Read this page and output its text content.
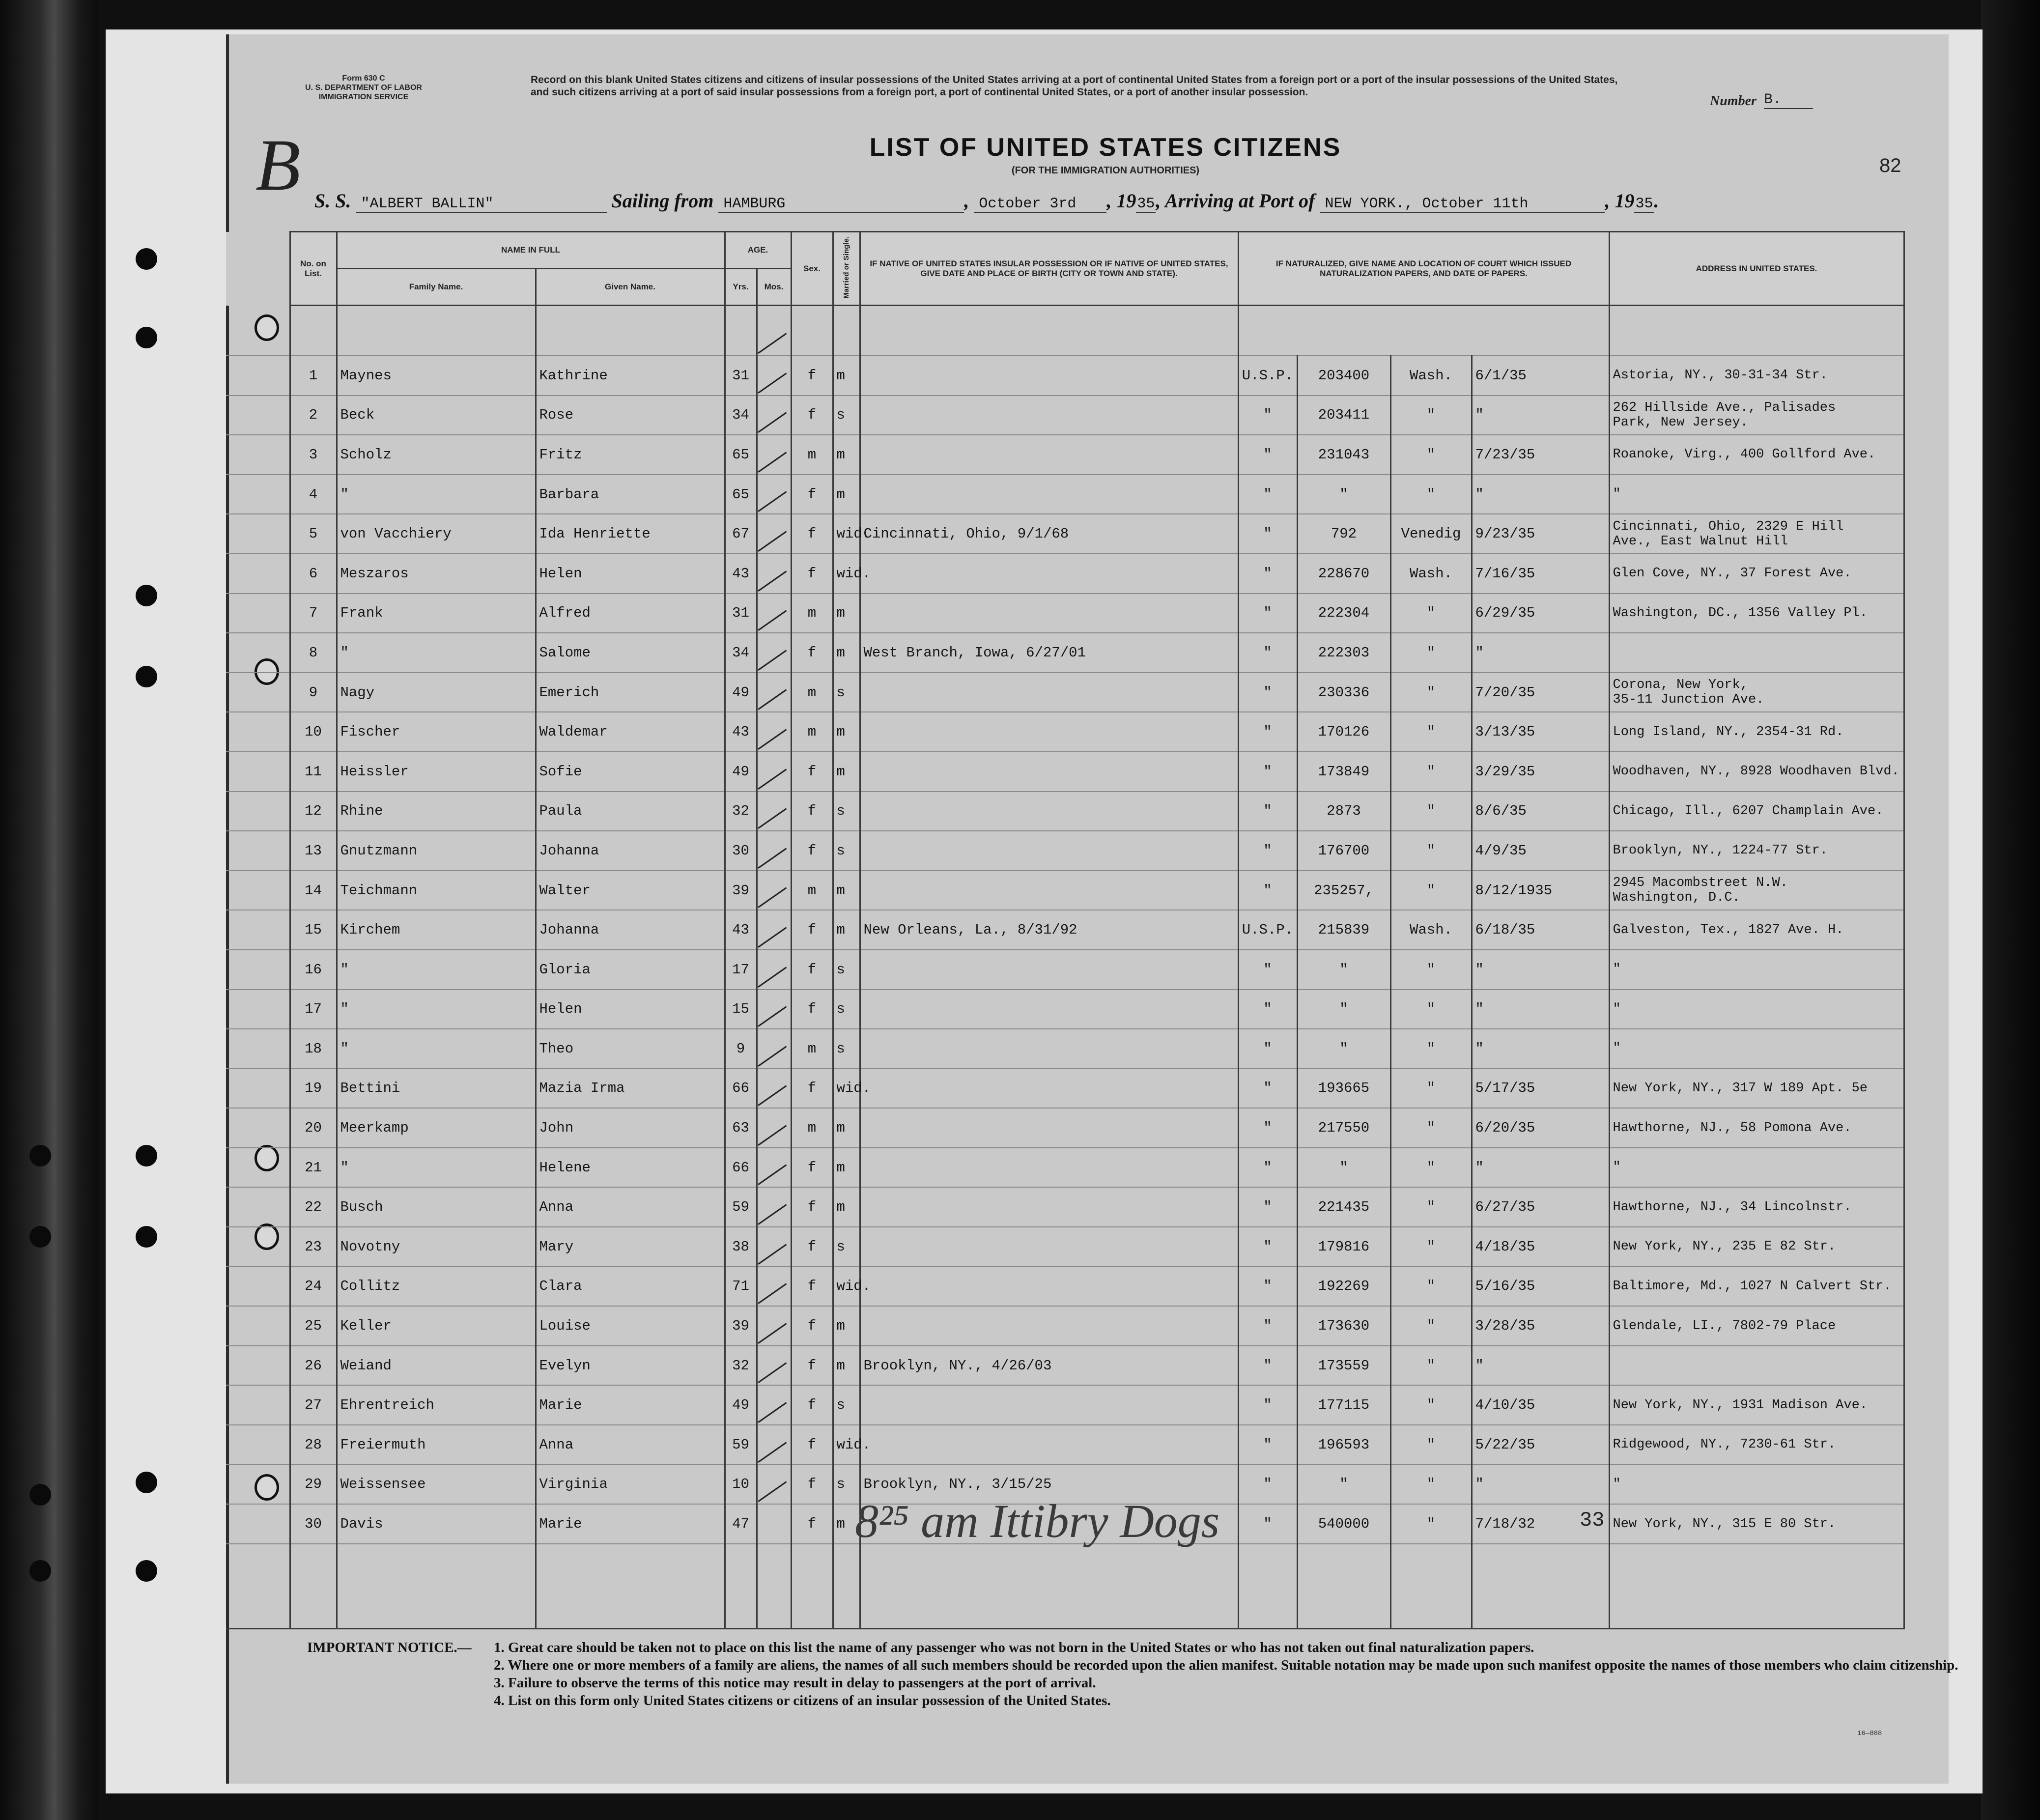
Form 630 C
U. S. DEPARTMENT OF LABOR
IMMIGRATION SERVICE
Record on this blank United States citizens and citizens of insular possessions of the United States arriving at a port of continental United States from a foreign port or a port of the insular possessions of the United States, and such citizens arriving at a port of said insular possessions from a foreign port, a port of continental United States, or a port of another insular possession.
Number B.
B	LIST OF UNITED STATES CITIZENS
(FOR THE IMMIGRATION AUTHORITIES)	82
S. S. "ALBERT BALLIN"	Sailing from HAMBURG	, October 3rd , 1935, Arriving at Port of NEW YORK., October 11th	, 1935.
	No. on List.	NAME IN FULL		AGE.		Sex.	Married or Single.	IF NATIVE OF UNITED STATES INSULAR POSSESSION OR IF NATIVE OF UNITED STATES, GIVE DATE AND PLACE OF BIRTH (CITY OR TOWN AND STATE).	IF NATURALIZED, GIVE NAME AND LOCATION OF COURT WHICH ISSUED NATURALIZATION PAPERS, AND DATE OF PAPERS.				ADDRESS IN UNITED STATES.
		Family Name.	Given Name.	Yrs.	Mos.								

	1	Maynes	Kathrine	31		f	m		U.S.P.	203400	Wash.	6/1/35	Astoria, NY., 30-31-34 Str.
	2	Beck	Rose	34		f	s		"	203411	"	"	262 Hillside Ave., Palisades
Park, New Jersey.
	3	Scholz	Fritz	65		m	m		"	231043	"	7/23/35	Roanoke, Virg., 400 Gollford Ave.
	4	"	Barbara	65		f	m		"	"	"	"	"
	5	von Vacchiery	Ida Henriette	67		f	wid.	Cincinnati, Ohio, 9/1/68	"	792	Venedig	9/23/35	Cincinnati, Ohio, 2329 E Hill
Ave., East Walnut Hill
	6	Meszaros	Helen	43		f	wid.		"	228670	Wash.	7/16/35	Glen Cove, NY., 37 Forest Ave.
	7	Frank	Alfred	31		m	m		"	222304	"	6/29/35	Washington, DC., 1356 Valley Pl.
	8	"	Salome	34		f	m	West Branch, Iowa, 6/27/01	"	222303	"	"	
	9	Nagy	Emerich	49		m	s		"	230336	"	7/20/35	Corona, New York,
35-11 Junction Ave.
	10	Fischer	Waldemar	43		m	m		"	170126	"	3/13/35	Long Island, NY., 2354-31 Rd.
	11	Heissler	Sofie	49		f	m		"	173849	"	3/29/35	Woodhaven, NY., 8928 Woodhaven Blvd.
	12	Rhine	Paula	32		f	s		"	2873	"	8/6/35	Chicago, Ill., 6207 Champlain Ave.
	13	Gnutzmann	Johanna	30		f	s		"	176700	"	4/9/35	Brooklyn, NY., 1224-77 Str.
	14	Teichmann	Walter	39		m	m		"	235257,	"	8/12/1935	2945 Macombstreet N.W.
Washington, D.C.
	15	Kirchem	Johanna	43		f	m	New Orleans, La., 8/31/92	U.S.P.	215839	Wash.	6/18/35	Galveston, Tex., 1827 Ave. H.
	16	"	Gloria	17		f	s		"	"	"	"	"
	17	"	Helen	15		f	s		"	"	"	"	"
	18	"	Theo	9		m	s		"	"	"	"	"
	19	Bettini	Mazia Irma	66		f	wid.		"	193665	"	5/17/35	New York, NY., 317 W 189 Apt. 5e
	20	Meerkamp	John	63		m	m		"	217550	"	6/20/35	Hawthorne, NJ., 58 Pomona Ave.
	21	"	Helene	66		f	m		"	"	"	"	"
	22	Busch	Anna	59		f	m		"	221435	"	6/27/35	Hawthorne, NJ., 34 Lincolnstr.
	23	Novotny	Mary	38		f	s		"	179816	"	4/18/35	New York, NY., 235 E 82 Str.
	24	Collitz	Clara	71		f	wid.		"	192269	"	5/16/35	Baltimore, Md., 1027 N Calvert Str.
	25	Keller	Louise	39		f	m		"	173630	"	3/28/35	Glendale, LI., 7802-79 Place
	26	Weiand	Evelyn	32		f	m	Brooklyn, NY., 4/26/03	"	173559	"	"	
	27	Ehrentreich	Marie	49		f	s		"	177115	"	4/10/35	New York, NY., 1931 Madison Ave.
	28	Freiermuth	Anna	59		f	wid.		"	196593	"	5/22/35	Ridgewood, NY., 7230-61 Str.
	29	Weissensee	Virginia	10		f	s	Brooklyn, NY., 3/15/25	"	"	"	"	"
	30	Davis	Marie	47		f	m		"	540000	"	7/18/32	New York, NY., 315 E 80 Str.

8²⁵ am Ittibry Dogs	33
IMPORTANT NOTICE.— 1. Great care should be taken not to place on this list the name of any passenger who was not born in the United States or who has not taken out final naturalization papers.
2. Where one or more members of a family are aliens, the names of all such members should be recorded upon the alien manifest. Suitable notation may be made upon such manifest opposite the names of those members who claim citizenship.
3. Failure to observe the terms of this notice may result in delay to passengers at the port of arrival.
4. List on this form only United States citizens or citizens of an insular possession of the United States.
16—888
